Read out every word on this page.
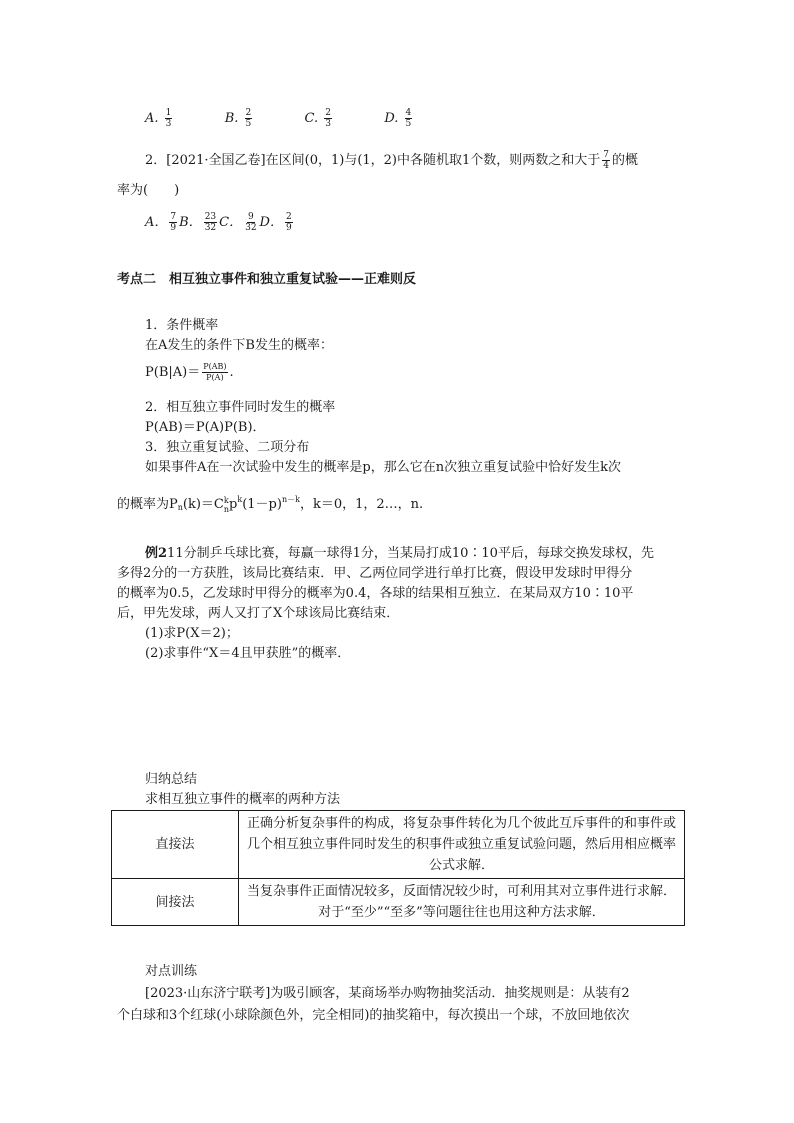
A. $\frac{1}{3}$	B. $\frac{2}{5}$	C. $\frac{2}{3}$	D. $\frac{4}{5}$
2．[2021·全国乙卷]在区间(0，1)与(1，2)中各随机取1个数，则两数之和大于 $\frac{7}{4}$ 的概
率为(　　)
A． $\frac{7}{9}$ B． $\frac{23}{32}$ C． $\frac{9}{32}$ D． $\frac{2}{9}$
考点二　相互独立事件和独立重复试验——正难则反
1．条件概率
在A发生的条件下B发生的概率：
$P(B|A)= \frac{P(AB)}{P(A)}$ .
2．相互独立事件同时发生的概率
P(AB)＝P(A)P(B)．
3．独立重复试验、二项分布
如果事件A在一次试验中发生的概率是p，那么它在n次独立重复试验中恰好发生k次
的概率为$P_n(k)=C$ k
n $p^k(1-p)^{n-k}$，k＝0，1，2…，n.
例211分制乒乓球比赛，每赢一球得1分，当某局打成10∶10平后，每球交换发球权，先
多得2分的一方获胜，该局比赛结束．甲、乙两位同学进行单打比赛，假设甲发球时甲得分
的概率为0.5，乙发球时甲得分的概率为0.4，各球的结果相互独立．在某局双方10∶10平
后，甲先发球，两人又打了X个球该局比赛结束．
(1)求P(X＝2)；
(2)求事件“X＝4且甲获胜”的概率．
归纳总结
求相互独立事件的概率的两种方法
直接法	正确分析复杂事件的构成，将复杂事件转化为几个彼此互斥事件的和事件或几个相互独立事件同时发生的积事件或独立重复试验问题，然后用相应概率公式求解．
间接法	当复杂事件正面情况较多，反面情况较少时，可利用其对立事件进行求解．对于“至少”“至多”等问题往往也用这种方法求解．
对点训练
[2023·山东济宁联考]为吸引顾客，某商场举办购物抽奖活动．抽奖规则是：从装有2
个白球和3个红球(小球除颜色外，完全相同)的抽奖箱中，每次摸出一个球，不放回地依次
